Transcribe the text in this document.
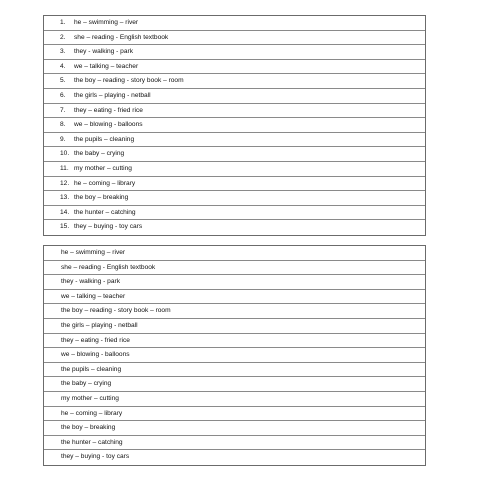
1. he – swimming – river
2. she – reading - English textbook
3. they - walking - park
4. we – talking – teacher
5. the boy – reading - story book – room
6. the girls – playing - netball
7. they – eating - fried rice
8. we – blowing - balloons
9. the pupils – cleaning
10. the baby – crying
11. my mother – cutting
12. he – coming – library
13. the boy – breaking
14. the hunter – catching
15. they – buying - toy cars
he – swimming – river
she – reading - English textbook
they - walking - park
we – talking – teacher
the boy – reading - story book – room
the girls – playing - netball
they – eating - fried rice
we – blowing - balloons
the pupils – cleaning
the baby – crying
my mother – cutting
he – coming – library
the boy – breaking
the hunter – catching
they – buying - toy cars
